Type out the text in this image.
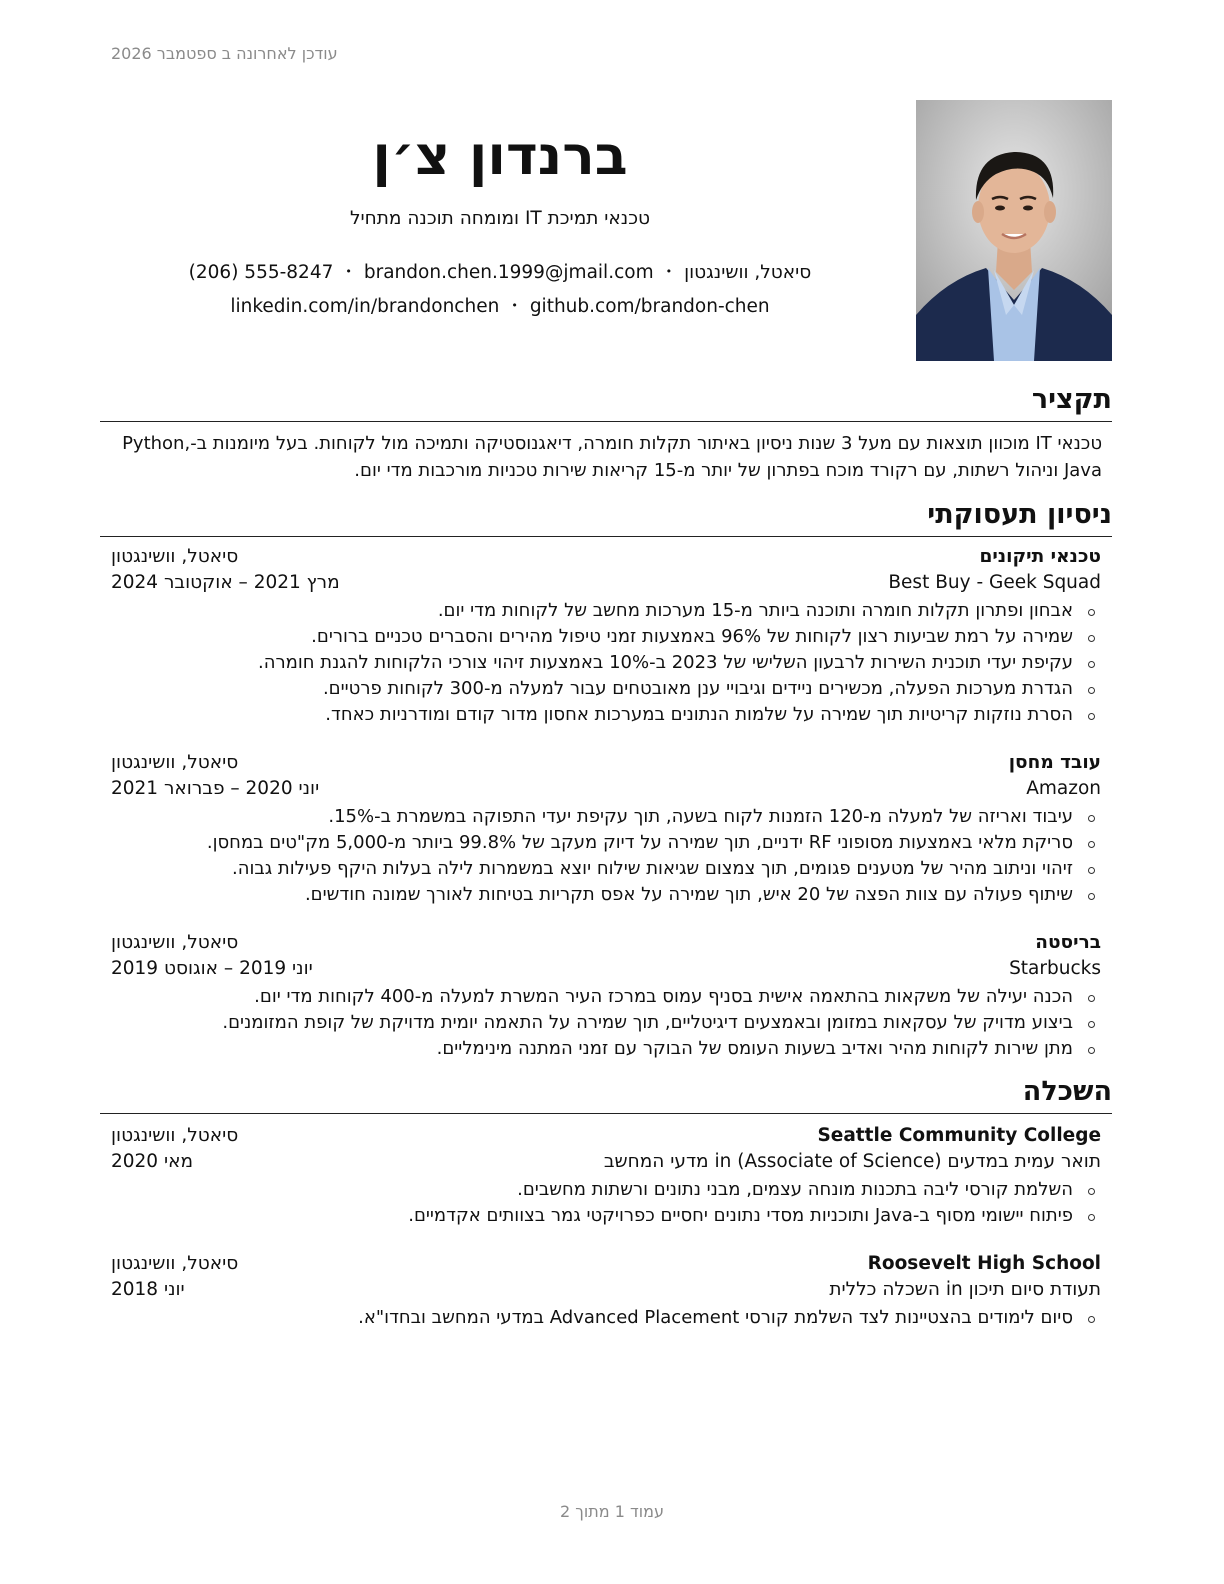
עודכן לאחרונה ב ספטמבר 2026
ברנדון צ׳ן
טכנאי תמיכת IT ומומחה תוכנה מתחיל
סיאטל, וושינגטון•brandon.chen.1999@jmail.com•(206) 555-8247
linkedin.com/in/brandonchen • github.com/brandon-chen
תקציר
טכנאי IT מוכוון תוצאות עם מעל 3 שנות ניסיון באיתור תקלות חומרה, דיאגנוסטיקה ותמיכה מול לקוחות. בעל מיומנות ב-Python, Java וניהול רשתות, עם רקורד מוכח בפתרון של יותר מ-15 קריאות שירות טכניות מורכבות מדי יום.
ניסיון תעסוקתי
טכנאי תיקונים
סיאטל, וושינגטון
Best Buy - Geek Squad
מרץ 2021 – אוקטובר 2024
אבחון ופתרון תקלות חומרה ותוכנה ביותר מ-15 מערכות מחשב של לקוחות מדי יום.
שמירה על רמת שביעות רצון לקוחות של 96% באמצעות זמני טיפול מהירים והסברים טכניים ברורים.
עקיפת יעדי תוכנית השירות לרבעון השלישי של 2023 ב-10% באמצעות זיהוי צורכי הלקוחות להגנת חומרה.
הגדרת מערכות הפעלה, מכשירים ניידים וגיבויי ענן מאובטחים עבור למעלה מ-300 לקוחות פרטיים.
הסרת נוזקות קריטיות תוך שמירה על שלמות הנתונים במערכות אחסון מדור קודם ומודרניות כאחד.
עובד מחסן
סיאטל, וושינגטון
Amazon
יוני 2020 – פברואר 2021
עיבוד ואריזה של למעלה מ-120 הזמנות לקוח בשעה, תוך עקיפת יעדי התפוקה במשמרת ב-15%.
סריקת מלאי באמצעות מסופוני RF ידניים, תוך שמירה על דיוק מעקב של 99.8% ביותר מ-5,000 מק"טים במחסן.
זיהוי וניתוב מהיר של מטענים פגומים, תוך צמצום שגיאות שילוח יוצא במשמרות לילה בעלות היקף פעילות גבוה.
שיתוף פעולה עם צוות הפצה של 20 איש, תוך שמירה על אפס תקריות בטיחות לאורך שמונה חודשים.
בריסטה
סיאטל, וושינגטון
Starbucks
יוני 2019 – אוגוסט 2019
הכנה יעילה של משקאות בהתאמה אישית בסניף עמוס במרכז העיר המשרת למעלה מ-400 לקוחות מדי יום.
ביצוע מדויק של עסקאות במזומן ובאמצעים דיגיטליים, תוך שמירה על התאמה יומית מדויקת של קופת המזומנים.
מתן שירות לקוחות מהיר ואדיב בשעות העומס של הבוקר עם זמני המתנה מינימליים.
השכלה
Seattle Community College
סיאטל, וושינגטון
תואר עמית במדעים (Associate of Science) in מדעי המחשב
מאי 2020
השלמת קורסי ליבה בתכנות מונחה עצמים, מבני נתונים ורשתות מחשבים.
פיתוח יישומי מסוף ב-Java ותוכניות מסדי נתונים יחסיים כפרויקטי גמר בצוותים אקדמיים.
Roosevelt High School
סיאטל, וושינגטון
תעודת סיום תיכון in השכלה כללית
יוני 2018
סיום לימודים בהצטיינות לצד השלמת קורסי Advanced Placement במדעי המחשב ובחדו"א.
עמוד 1 מתוך 2
